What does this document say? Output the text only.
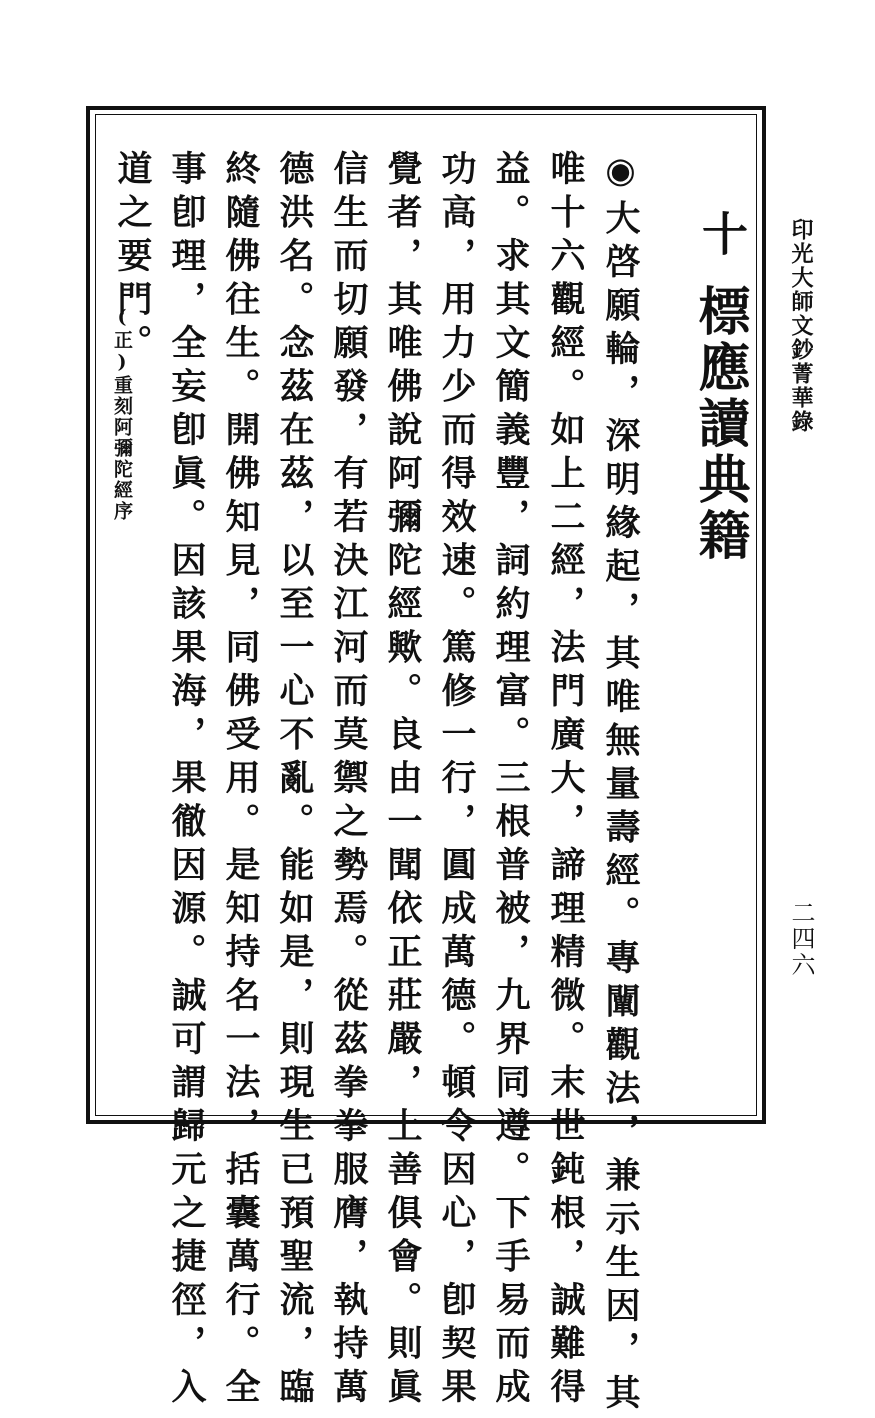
印光大師文鈔菁華錄
二四六
十
標應讀典籍
◉大啓願輪，深明緣起，其唯無量壽經。專闡觀法，兼示生因，其
唯十六觀經。如上二經，法門廣大，諦理精微。末世鈍根，誠難得
益。求其文簡義豐，詞約理富。三根普被，九界同遵。下手易而成
功高，用力少而得效速。篤修一行，圓成萬德。頓令因心，卽契果
覺者，其唯佛說阿彌陀經歟。良由一聞依正莊嚴，上善俱會。則眞
信生而切願發，有若決江河而莫禦之勢焉。從茲拳拳服膺，執持萬
德洪名。念茲在茲，以至一心不亂。能如是，則現生已預聖流，臨
終隨佛往生。開佛知見，同佛受用。是知持名一法，括囊萬行。全
道之要門。
(正)重刻阿彌陀經序 事卽理，全妄卽眞。因該果海，果徹因源。誠可謂歸元之捷徑，入
